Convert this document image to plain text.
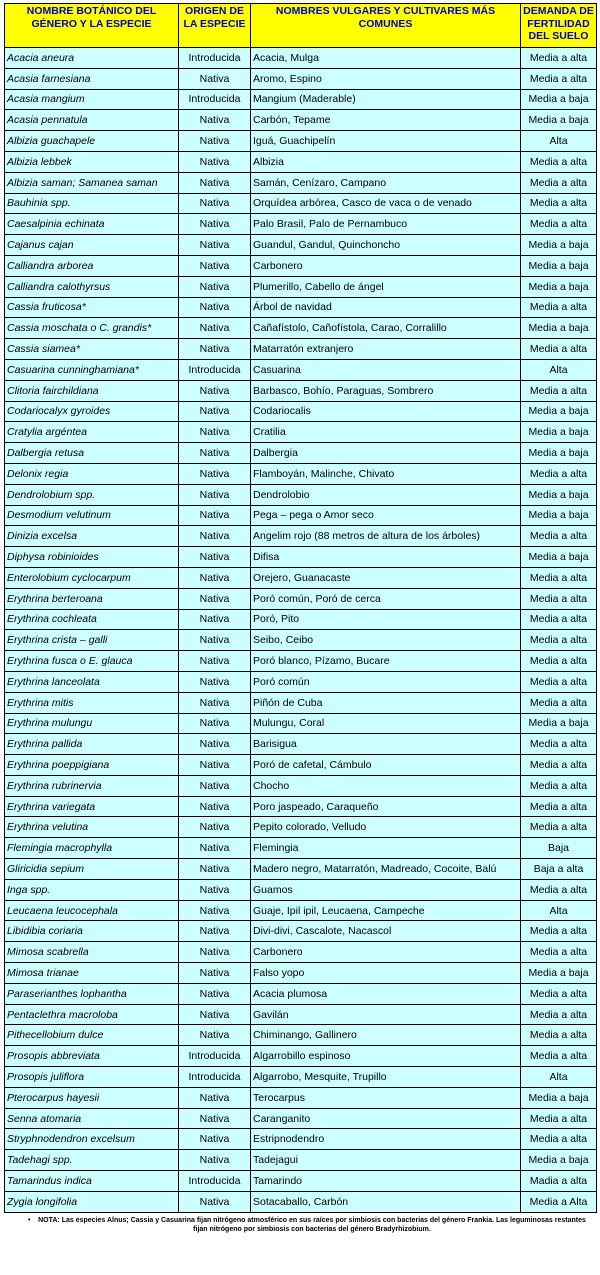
NOMBRE BOTÁNICO DEL GÉNERO Y LA ESPECIE	ORIGEN DE LA ESPECIE	NOMBRES VULGARES Y CULTIVARES MÁS COMUNES	DEMANDA DE FERTILIDAD DEL SUELO
Acacia aneura	Introducida	Acacia, Mulga	Media a alta
Acasia farnesiana	Nativa	Aromo, Espino	Media a alta
Acasia mangium	Introducida	Mangium (Maderable)	Media a baja
Acasia pennatula	Nativa	Carbón, Tepame	Media a baja
Albizia guachapele	Nativa	Iguá, Guachipelín	Alta
Albizia lebbek	Nativa	Albizia	Media a alta
Albizia saman; Samanea saman	Nativa	Samán, Cenízaro, Campano	Media a alta
Bauhinia spp.	Nativa	Orquídea arbórea, Casco de vaca o de venado	Media a alta
Caesalpinia echinata	Nativa	Palo Brasil, Palo de Pernambuco	Media a alta
Cajanus cajan	Nativa	Guandul, Gandul, Quinchoncho	Media a baja
Calliandra arborea	Nativa	Carbonero	Media a baja
Calliandra calothyrsus	Nativa	Plumerillo, Cabello de ángel	Media a baja
Cassia fruticosa*	Nativa	Árbol de navidad	Media a alta
Cassia moschata o C. grandis*	Nativa	Cañafístolo, Cañofístola, Carao, Corralillo	Media a baja
Cassia siamea*	Nativa	Matarratón extranjero	Media a alta
Casuarina cunninghamiana*	Introducida	Casuarina	Alta
Clitoria fairchildiana	Nativa	Barbasco, Bohío, Paraguas, Sombrero	Media a alta
Codariocalyx gyroides	Nativa	Codariocalis	Media a baja
Cratylia argéntea	Nativa	Cratilia	Media a baja
Dalbergia retusa	Nativa	Dalbergia	Media a baja
Delonix regia	Nativa	Flamboyán, Malinche, Chivato	Media a alta
Dendrolobium spp.	Nativa	Dendrolobio	Media a baja
Desmodium velutinum	Nativa	Pega – pega o Amor seco	Media a baja
Dinizia excelsa	Nativa	Angelim rojo (88 metros de altura de los árboles)	Media a alta
Diphysa robinioides	Nativa	Difisa	Media a baja
Enterolobium cyclocarpum	Nativa	Orejero, Guanacaste	Media a alta
Erythrina berteroana	Nativa	Poró común, Poró de cerca	Media a alta
Erythrina cochleata	Nativa	Poró, Pito	Media a alta
Erythrina crista – galli	Nativa	Seibo, Ceibo	Media a alta
Erythrina fusca o E. glauca	Nativa	Poró blanco, Pízamo, Bucare	Media a alta
Erythrina lanceolata	Nativa	Poró común	Media a alta
Erythrina mitis	Nativa	Piñón de Cuba	Media a alta
Erythrina mulungu	Nativa	Mulungu, Coral	Media a baja
Erythrina pallida	Nativa	Barisigua	Media a alta
Erythrina poeppigiana	Nativa	Poró de cafetal, Cámbulo	Media a alta
Erythrina rubrinervia	Nativa	Chocho	Media a alta
Erythrina variegata	Nativa	Poro jaspeado, Caraqueño	Media a alta
Erythrina velutina	Nativa	Pepito colorado, Velludo	Media a alta
Flemingia macrophylla	Nativa	Flemingia	Baja
Gliricidia sepium	Nativa	Madero negro, Matarratón, Madreado, Cocoite, Balú	Baja a alta
Inga spp.	Nativa	Guamos	Media a alta
Leucaena leucocephala	Nativa	Guaje, Ipil ipil, Leucaena, Campeche	Alta
Libidibia coriaria	Nativa	Divi-divi, Cascalote, Nacascol	Media a alta
Mimosa scabrella	Nativa	Carbonero	Media a alta
Mimosa trianae	Nativa	Falso yopo	Media a baja
Paraserianthes lophantha	Nativa	Acacia plumosa	Media a alta
Pentaclethra macroloba	Nativa	Gavilán	Media a alta
Pithecellobium dulce	Nativa	Chiminango, Gallinero	Media a alta
Prosopis abbreviata	Introducida	Algarrobillo espinoso	Media a alta
Prosopis juliflora	Introducida	Algarrobo, Mesquite, Trupillo	Alta
Pterocarpus hayesii	Nativa	Terocarpus	Media a baja
Senna atomaria	Nativa	Caranganito	Media a alta
Stryphnodendron excelsum	Nativa	Estripnodendro	Media a alta
Tadehagi spp.	Nativa	Tadejagui	Media a baja
Tamarindus indica	Introducida	Tamarindo	Madia a alta
Zygia longifolia	Nativa	Sotacaballo, Carbón	Media a Alta
• NOTA: Las especies Alnus; Cassia y Casuarina fijan nitrógeno atmosférico en sus raíces por simbiosis con bacterias del género Frankia. Las leguminosas restantes fijan nitrógeno por simbiosis con bacterias del género Bradyrhizobium.
